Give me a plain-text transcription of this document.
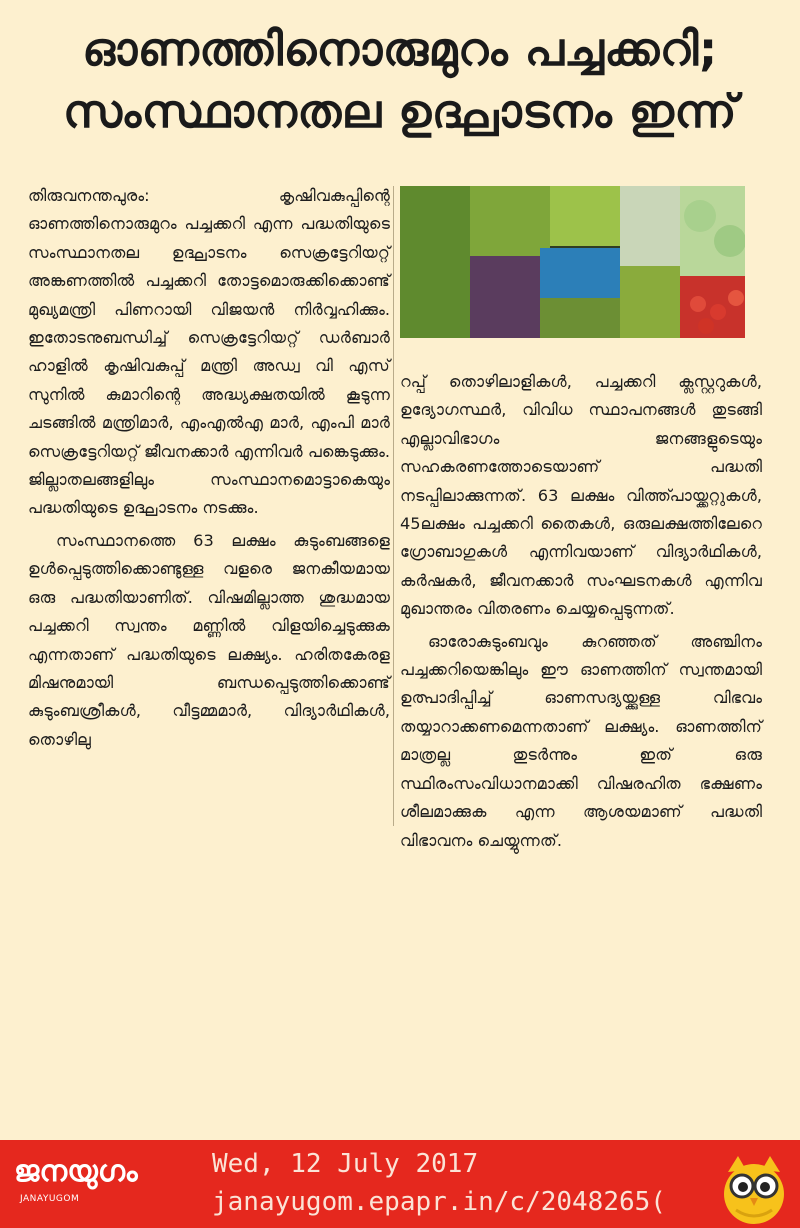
ഓണത്തിനൊരുമുറം പച്ചക്കറി;
സംസ്ഥാനതല ഉദ്ഘാടനം ഇന്ന്

തിരുവനന്തപുരം: കൃഷിവകുപ്പിന്റെ ഓണത്തിനൊരുമുറം പച്ചക്കറി എന്ന പദ്ധതിയുടെ സംസ്ഥാനതല ഉദ്ഘാടനം സെക്രട്ടേറിയറ്റ് അങ്കണത്തിൽ പച്ചക്കറി തോട്ടമൊരുക്കിക്കൊണ്ട് മുഖ്യമന്ത്രി പിണറായി വിജയൻ നിർവ്വഹിക്കും. ഇതോടനുബന്ധിച്ച് സെക്രട്ടേറിയറ്റ് ഡർബാർ ഹാളിൽ കൃഷിവകുപ്പ് മന്ത്രി അഡ്വ വി എസ് സുനിൽ കുമാറിന്റെ അദ്ധ്യക്ഷതയിൽ കൂടുന്ന ചടങ്ങിൽ മന്ത്രിമാർ, എംഎൽഎ മാർ, എംപി മാർ സെക്രട്ടേറിയറ്റ് ജീവനക്കാർ എന്നിവർ പങ്കെടുക്കും. ജില്ലാതലങ്ങളിലും സംസ്ഥാനമൊട്ടാകെയും പദ്ധതിയുടെ ഉദ്ഘാടനം നടക്കും.

സംസ്ഥാനത്തെ 63 ലക്ഷം കുടുംബങ്ങളെ ഉൾപ്പെടുത്തിക്കൊണ്ടുള്ള വളരെ ജനകീയമായ ഒരു പദ്ധതിയാണിത്. വിഷമില്ലാത്ത ശുദ്ധമായ പച്ചക്കറി സ്വന്തം മണ്ണിൽ വിളയിച്ചെടുക്കുക എന്നതാണ് പദ്ധതിയുടെ ലക്ഷ്യം. ഹരിതകേരള മിഷനുമായി ബന്ധപ്പെടുത്തിക്കൊണ്ട് കുടുംബശ്രീകൾ, വീട്ടമ്മമാർ, വിദ്യാർഥികൾ, തൊഴിലു

റപ്പ് തൊഴിലാളികൾ, പച്ചക്കറി ക്ലസ്റ്ററുകൾ, ഉദ്യോഗസ്ഥർ, വിവിധ സ്ഥാപനങ്ങൾ തുടങ്ങി എല്ലാവിഭാഗം ജനങ്ങളുടെയും സഹകരണത്തോടെയാണ് പദ്ധതി നടപ്പിലാക്കുന്നത്. 63 ലക്ഷം വിത്ത്പായ്ക്കറ്റുകൾ, 45ലക്ഷം പച്ചക്കറി തൈകൾ, ഒരുലക്ഷത്തിലേറെ ഗ്രോബാഗുകൾ എന്നിവയാണ് വിദ്യാർഥികൾ, കർഷകർ, ജീവനക്കാർ സംഘടനകൾ എന്നിവ മുഖാന്തരം വിതരണം ചെയ്യപ്പെടുന്നത്.

ഓരോകുടുംബവും കുറഞ്ഞത് അഞ്ചിനം പച്ചക്കറിയെങ്കിലും ഈ ഓണത്തിന് സ്വന്തമായി ഉത്പാദിപ്പിച്ച് ഓണസദ്യയ്ക്കുള്ള വിഭവം തയ്യാറാക്കണമെന്നതാണ് ലക്ഷ്യം. ഓണത്തിന് മാത്രല്ല തുടർന്നും ഇത് ഒരു സ്ഥിരംസംവിധാനമാക്കി വിഷരഹിത ഭക്ഷണം ശീലമാക്കുക എന്ന ആശയമാണ് പദ്ധതി വിഭാവനം ചെയ്യുന്നത്.

ജനയുഗം
JANAYUGOM
Wed, 12 July 2017
janayugom.epapr.in/c/2048265(
